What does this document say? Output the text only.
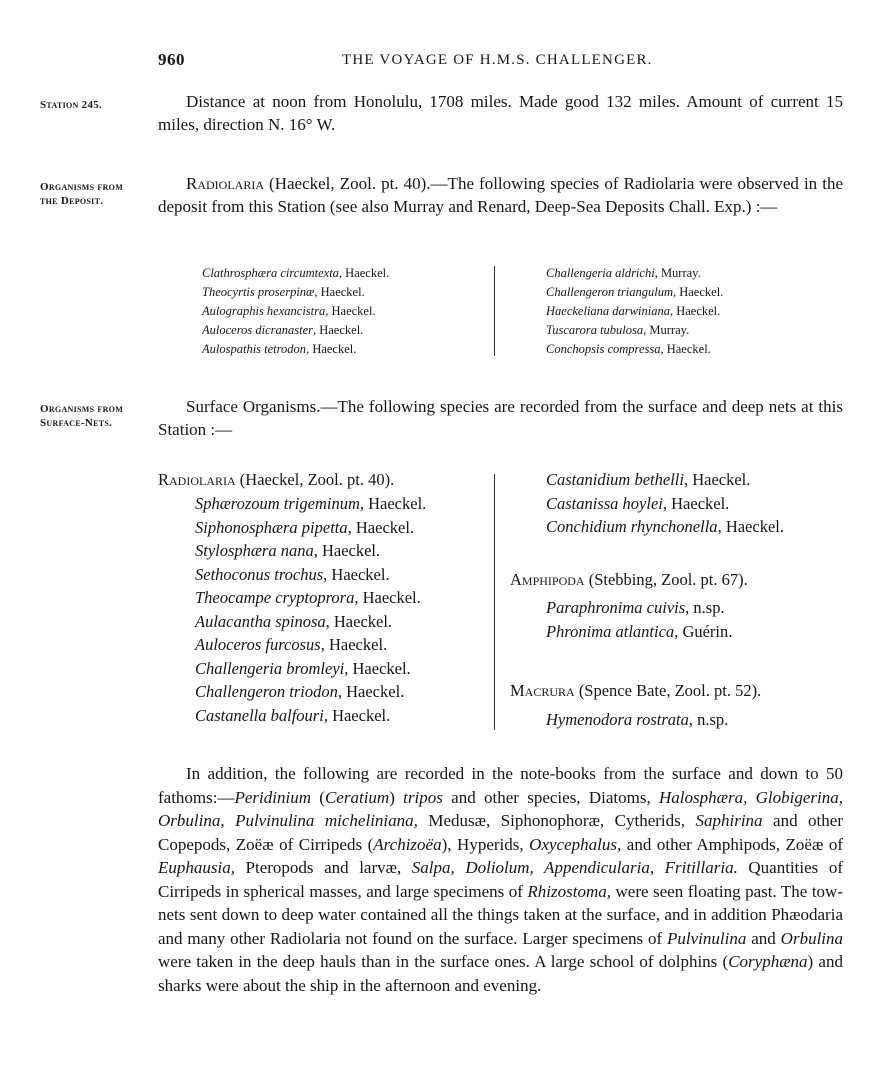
960	THE VOYAGE OF H.M.S. CHALLENGER.
Station 245.	Distance at noon from Honolulu, 1708 miles. Made good 132 miles. Amount of current 15 miles, direction N. 16° W.

Organisms from
the Deposit.

Radiolaria (Haeckel, Zool. pt. 40).—The following species of Radiolaria were observed in the deposit from this Station (see also Murray and Renard, Deep-Sea Deposits Chall. Exp.) :—

Clathrosphæra circumtexta, Haeckel.
Theocyrtis proserpinæ, Haeckel.
Aulographis hexancistra, Haeckel.
Auloceros dicranaster, Haeckel.
Aulospathis tetrodon, Haeckel.
Challengeria aldrichi, Murray.
Challengeron triangulum, Haeckel.
Haeckeliana darwiniana, Haeckel.
Tuscarora tubulosa, Murray.
Conchopsis compressa, Haeckel.
Organisms from
Surface-Nets.

Surface Organisms.—The following species are recorded from the surface and deep nets at this Station :—

Radiolaria (Haeckel, Zool. pt. 40).
Sphærozoum trigeminum, Haeckel.
Siphonosphæra pipetta, Haeckel.
Stylosphæra nana, Haeckel.
Sethoconus trochus, Haeckel.
Theocampe cryptoprora, Haeckel.
Aulacantha spinosa, Haeckel.
Auloceros furcosus, Haeckel.
Challengeria bromleyi, Haeckel.
Challengeron triodon, Haeckel.
Castanella balfouri, Haeckel.
Castanidium bethelli, Haeckel.
Castanissa hoylei, Haeckel.
Conchidium rhynchonella, Haeckel.
Amphipoda (Stebbing, Zool. pt. 67).
Paraphronima cuivis, n.sp.
Phronima atlantica, Guérin.
Macrura (Spence Bate, Zool. pt. 52).
Hymenodora rostrata, n.sp.

In addition, the following are recorded in the note-books from the surface and down to 50 fathoms:—Peridinium (Ceratium) tripos and other species, Diatoms, Halosphæra, Globigerina, Orbulina, Pulvinulina micheliniana, Medusæ, Siphonophoræ, Cytherids, Saphirina and other Copepods, Zoëæ of Cirripeds (Archizoëa), Hyperids, Oxycephalus, and other Amphipods, Zoëæ of Euphausia, Pteropods and larvæ, Salpa, Doliolum, Appendicularia, Fritillaria. Quantities of Cirripeds in spherical masses, and large specimens of Rhizostoma, were seen floating past. The tow-nets sent down to deep water contained all the things taken at the surface, and in addition Phæodaria and many other Radiolaria not found on the surface. Larger specimens of Pulvinulina and Orbulina were taken in the deep hauls than in the surface ones. A large school of dolphins (Coryphæna) and sharks were about the ship in the afternoon and evening.
